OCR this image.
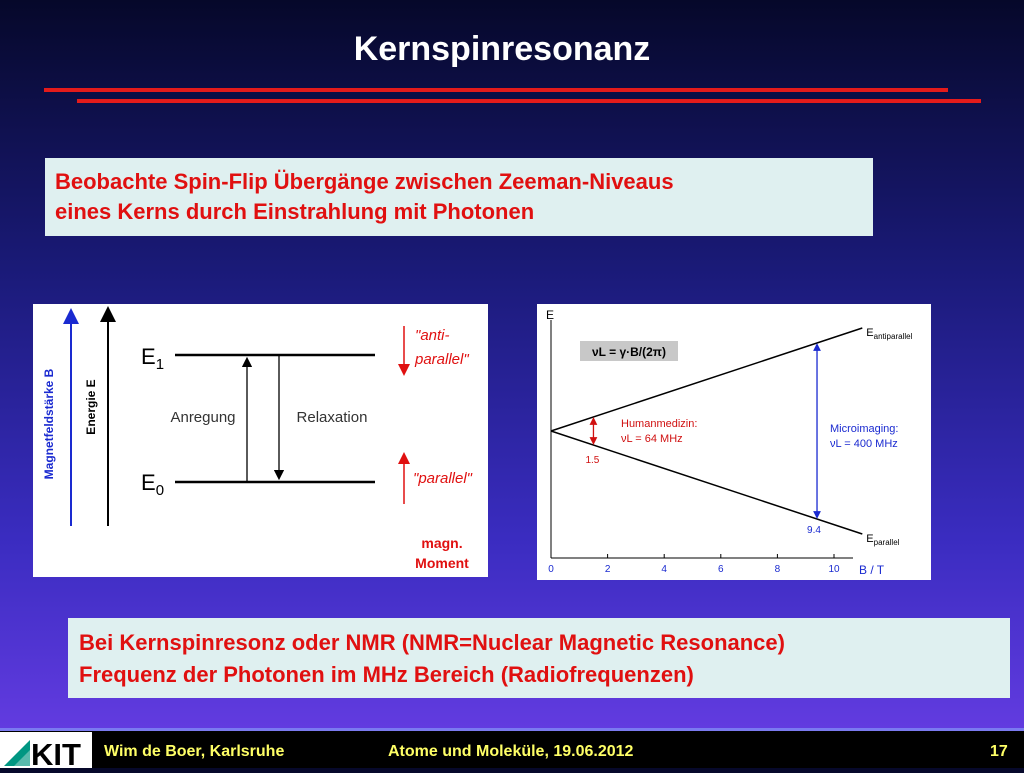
Kernspinresonanz
Beobachte Spin-Flip Übergänge zwischen Zeeman-Niveaus
eines Kerns durch Einstrahlung mit Photonen
Magnetfeldstärke B Energie E
$E_1$
$E_0$
Anregung	Relaxation
"anti-
parallel"
"parallel"
magn.
Moment
E
B / T
0	2	4	6	8	10
$E_{antiparallel}$
$E_{parallel}$
νL = γ·B/(2π)
1.5
Humanmedizin:
νL = 64 MHz
9.4
Microimaging:
νL = 400 MHz
Bei Kernspinresonz oder NMR (NMR=Nuclear Magnetic Resonance)
Frequenz der Photonen im MHz Bereich (Radiofrequenzen)
KIT Wim de Boer, Karlsruhe	Atome und Moleküle, 19.06.2012	17
